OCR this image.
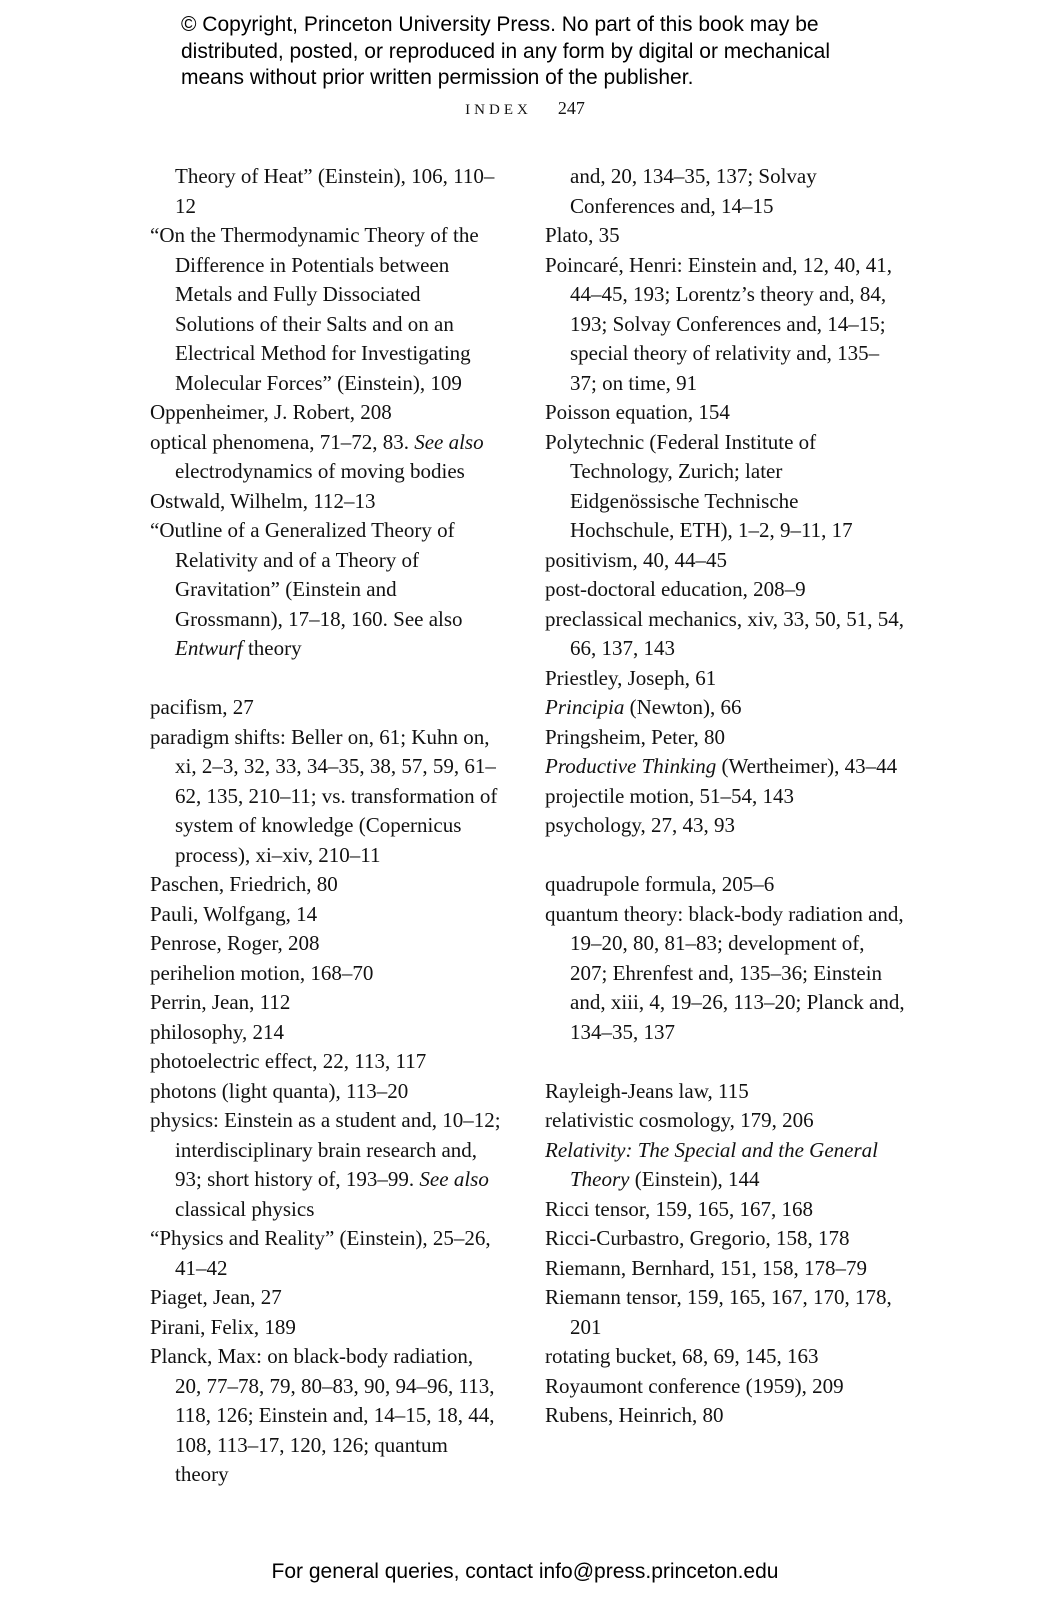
© Copyright, Princeton University Press. No part of this book may be
distributed, posted, or reproduced in any form by digital or mechanical
means without prior written permission of the publisher.
INDEX 247

Theory of Heat” (Einstein), 106, 110–12

“On the Thermodynamic Theory of the Difference in Potentials between Metals and Fully Dissociated Solutions of their Salts and on an Electrical Method for Investigating Molecular Forces” (Einstein), 109

Oppenheimer, J. Robert, 208

optical phenomena, 71–72, 83. See also electrodynamics of moving bodies

Ostwald, Wilhelm, 112–13

“Outline of a Generalized Theory of Relativity and of a Theory of Gravitation” (Einstein and Grossmann), 17–18, 160. See also Entwurf theory

pacifism, 27

paradigm shifts: Beller on, 61; Kuhn on, xi, 2–3, 32, 33, 34–35, 38, 57, 59, 61–62, 135, 210–11; vs. transformation of system of knowledge (Copernicus process), xi–xiv, 210–11

Paschen, Friedrich, 80

Pauli, Wolfgang, 14

Penrose, Roger, 208

perihelion motion, 168–70

Perrin, Jean, 112

philosophy, 214

photoelectric effect, 22, 113, 117

photons (light quanta), 113–20

physics: Einstein as a student and, 10–12; interdisciplinary brain research and, 93; short history of, 193–99. See also classical physics

“Physics and Reality” (Einstein), 25–26, 41–42

Piaget, Jean, 27

Pirani, Felix, 189

Planck, Max: on black-body radiation, 20, 77–78, 79, 80–83, 90, 94–96, 113, 118, 126; Einstein and, 14–15, 18, 44, 108, 113–17, 120, 126; quantum theory

and, 20, 134–35, 137; Solvay Conferences and, 14–15

Plato, 35

Poincaré, Henri: Einstein and, 12, 40, 41, 44–45, 193; Lorentz’s theory and, 84, 193; Solvay Conferences and, 14–15; special theory of relativity and, 135–37; on time, 91

Poisson equation, 154

Polytechnic (Federal Institute of Technology, Zurich; later Eidgenössische Technische Hochschule, ETH), 1–2, 9–11, 17

positivism, 40, 44–45

post-doctoral education, 208–9

preclassical mechanics, xiv, 33, 50, 51, 54, 66, 137, 143

Priestley, Joseph, 61

Principia (Newton), 66

Pringsheim, Peter, 80

Productive Thinking (Wertheimer), 43–44

projectile motion, 51–54, 143

psychology, 27, 43, 93

quadrupole formula, 205–6

quantum theory: black-body radiation and, 19–20, 80, 81–83; development of, 207; Ehrenfest and, 135–36; Einstein and, xiii, 4, 19–26, 113–20; Planck and, 134–35, 137

Rayleigh-Jeans law, 115

relativistic cosmology, 179, 206

Relativity: The Special and the General Theory (Einstein), 144

Ricci tensor, 159, 165, 167, 168

Ricci-Curbastro, Gregorio, 158, 178

Riemann, Bernhard, 151, 158, 178–79

Riemann tensor, 159, 165, 167, 170, 178, 201

rotating bucket, 68, 69, 145, 163

Royaumont conference (1959), 209

Rubens, Heinrich, 80

For general queries, contact info@press.princeton.edu
